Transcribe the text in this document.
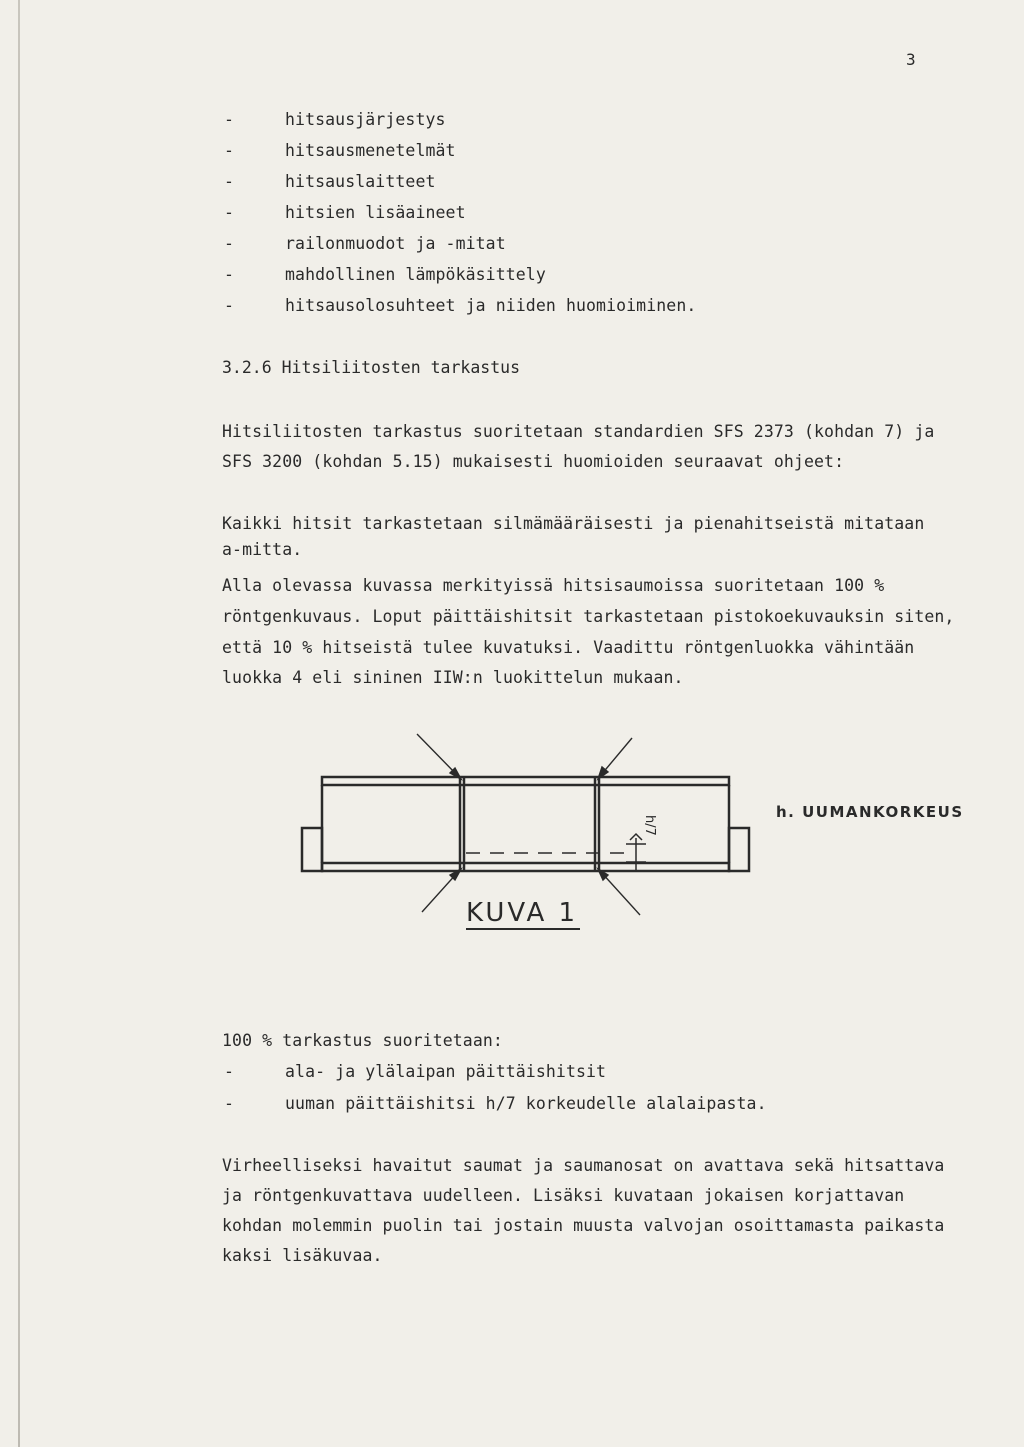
3
-	hitsausjärjestys
-	hitsausmenetelmät
-	hitsauslaitteet
-	hitsien lisäaineet
-	railonmuodot ja -mitat
-	mahdollinen lämpökäsittely
-	hitsausolosuhteet ja niiden huomioiminen.
3.2.6 Hitsiliitosten tarkastus
Hitsiliitosten tarkastus suoritetaan standardien SFS 2373 (kohdan 7) ja
SFS 3200 (kohdan 5.15) mukaisesti huomioiden seuraavat ohjeet:
Kaikki hitsit tarkastetaan silmämääräisesti ja pienahitseistä mitataan
a-mitta.
Alla olevassa kuvassa merkityissä hitsisaumoissa suoritetaan 100 %
röntgenkuvaus. Loput päittäishitsit tarkastetaan pistokoekuvauksin siten,
että 10 % hitseistä tulee kuvatuksi. Vaadittu röntgenluokka vähintään
luokka 4 eli sininen IIW:n luokittelun mukaan.
h/7
h. UUMANKORKEUS
KUVA 1
100 % tarkastus suoritetaan:
-	ala- ja ylälaipan päittäishitsit
-	uuman päittäishitsi h/7 korkeudelle alalaipasta.
Virheelliseksi havaitut saumat ja saumanosat on avattava sekä hitsattava
ja röntgenkuvattava uudelleen. Lisäksi kuvataan jokaisen korjattavan
kohdan molemmin puolin tai jostain muusta valvojan osoittamasta paikasta
kaksi lisäkuvaa.
